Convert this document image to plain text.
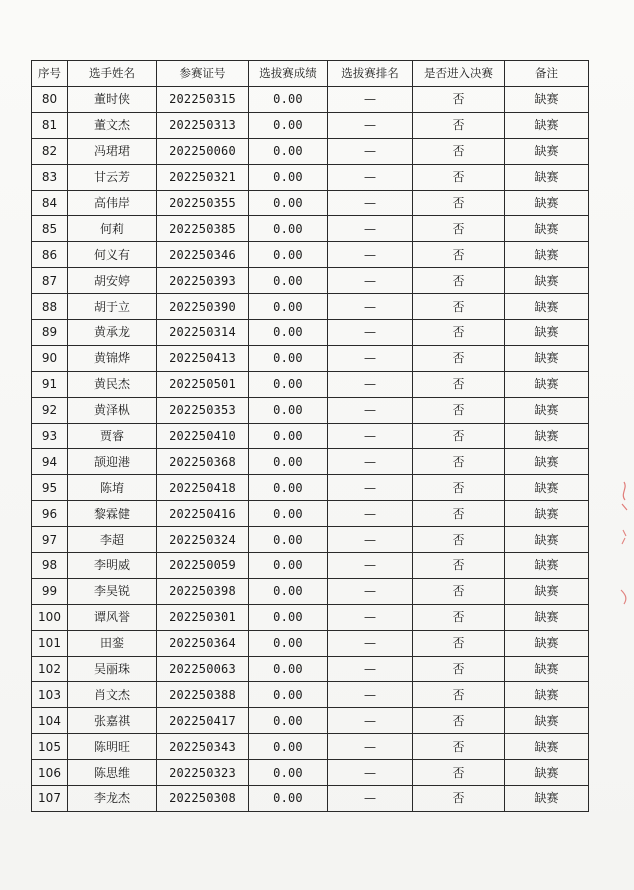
序号	选手姓名	参赛证号	选拔赛成绩	选拔赛排名	是否进入决赛	备注
80	董时侠	202250315	0.00	—	否	缺赛
81	董文杰	202250313	0.00	—	否	缺赛
82	冯珺珺	202250060	0.00	—	否	缺赛
83	甘云芳	202250321	0.00	—	否	缺赛
84	高伟岸	202250355	0.00	—	否	缺赛
85	何莉	202250385	0.00	—	否	缺赛
86	何义有	202250346	0.00	—	否	缺赛
87	胡安婷	202250393	0.00	—	否	缺赛
88	胡于立	202250390	0.00	—	否	缺赛
89	黄承龙	202250314	0.00	—	否	缺赛
90	黄锦烨	202250413	0.00	—	否	缺赛
91	黄民杰	202250501	0.00	—	否	缺赛
92	黄泽枞	202250353	0.00	—	否	缺赛
93	贾睿	202250410	0.00	—	否	缺赛
94	颉迎港	202250368	0.00	—	否	缺赛
95	陈堉	202250418	0.00	—	否	缺赛
96	黎霖健	202250416	0.00	—	否	缺赛
97	李超	202250324	0.00	—	否	缺赛
98	李明威	202250059	0.00	—	否	缺赛
99	李昊锐	202250398	0.00	—	否	缺赛
100	谭风誉	202250301	0.00	—	否	缺赛
101	田銮	202250364	0.00	—	否	缺赛
102	吴丽珠	202250063	0.00	—	否	缺赛
103	肖文杰	202250388	0.00	—	否	缺赛
104	张嘉祺	202250417	0.00	—	否	缺赛
105	陈明旺	202250343	0.00	—	否	缺赛
106	陈思维	202250323	0.00	—	否	缺赛
107	李龙杰	202250308	0.00	—	否	缺赛
